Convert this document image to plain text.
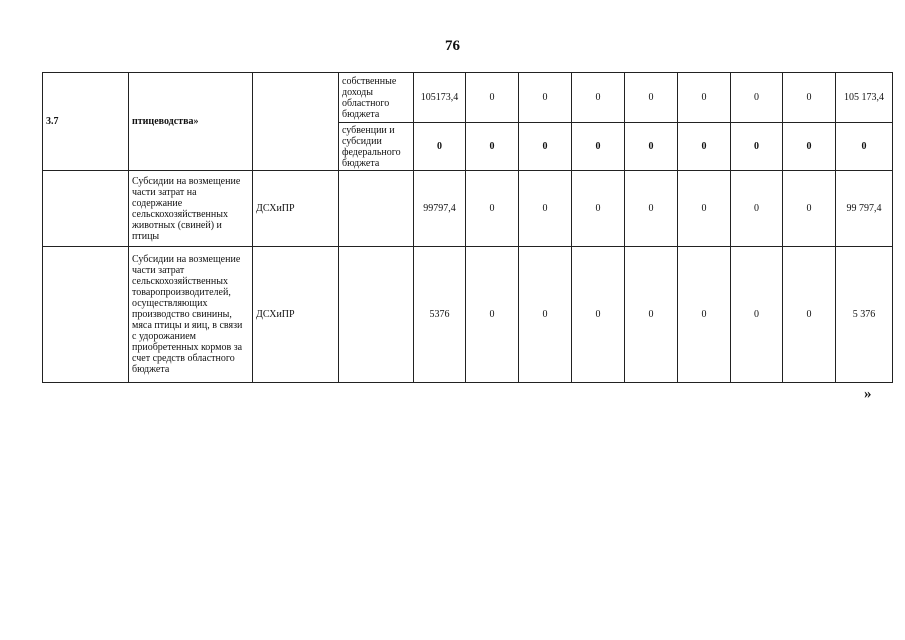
76
3.7	птицеводства»		собственные доходы областного бюджета	105173,4	0	0	0	0	0	0	0	105 173,4
			субвенции и субсидии федерального бюджета	0	0	0	0	0	0	0	0	0
	Субсидии на возмещение части затрат на содержание сельскохозяйственных животных (свиней) и птицы	ДСХиПР		99797,4	0	0	0	0	0	0	0	99 797,4
	Субсидии на возмещение части затрат сельскохозяйственных товаропроизводителей, осуществляющих производство свинины, мяса птицы и яиц, в связи с удорожанием приобретенных кормов за счет средств областного бюджета	ДСХиПР		5376	0	0	0	0	0	0	0	5 376
»
